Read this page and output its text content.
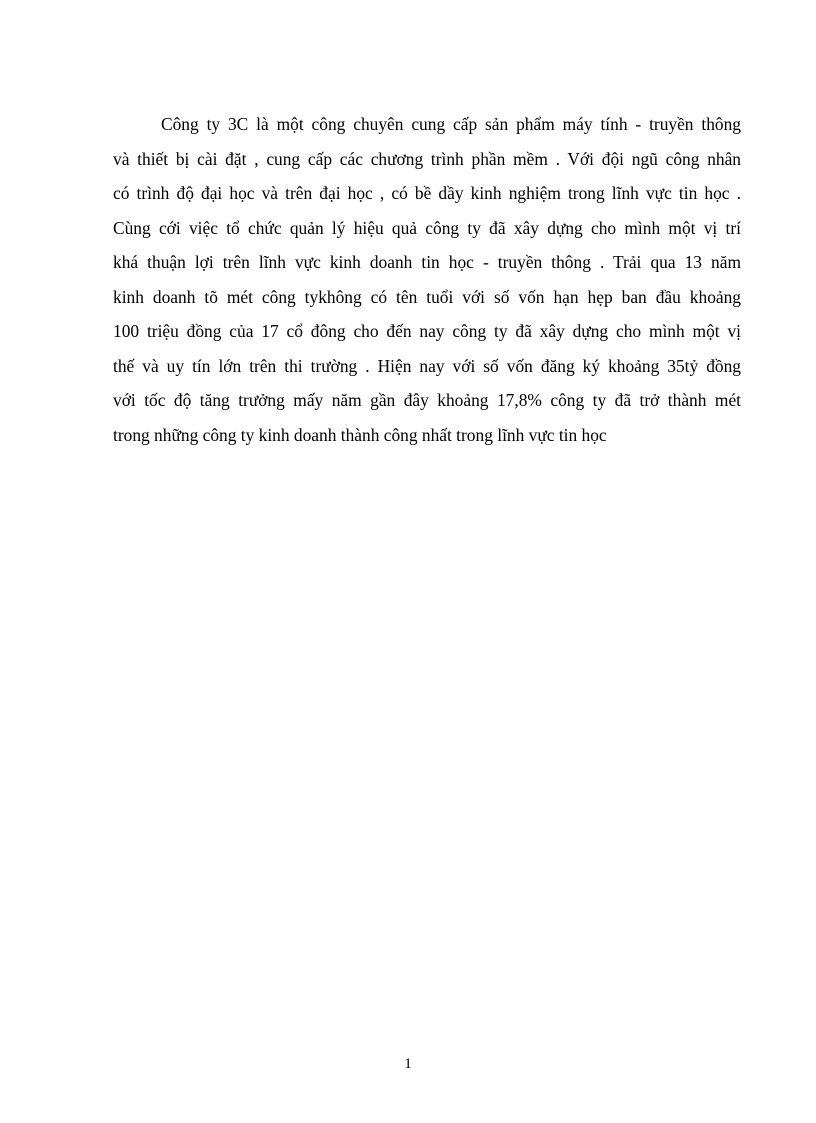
Công ty 3C là một công chuyên cung cấp sản phẩm máy tính - truyền thông
và thiết bị cài đặt , cung cấp các chương trình phần mềm . Với đội ngũ công nhân
có trình độ đại học và trên đại học , có bề dầy kinh nghiệm trong lĩnh vực tin học .
Cùng cới việc tổ chức quản lý hiệu quả công ty đã xây dựng cho mình một vị trí
khá thuận lợi trên lĩnh vực kinh doanh tin học - truyền thông . Trải qua 13 năm
kinh doanh tõ mét công tykhông có tên tuổi với số vốn hạn hẹp ban đầu khoảng
100 triệu đồng của 17 cổ đông cho đến nay công ty đã xây dựng cho mình một vị
thế và uy tín lớn trên thi trường . Hiện nay với số vốn đăng ký khoảng 35tỷ đồng
với tốc độ tăng trưởng mấy năm gần đây khoảng 17,8% công ty đã trở thành mét
trong những công ty kinh doanh thành công nhất trong lĩnh vực tin học

1
